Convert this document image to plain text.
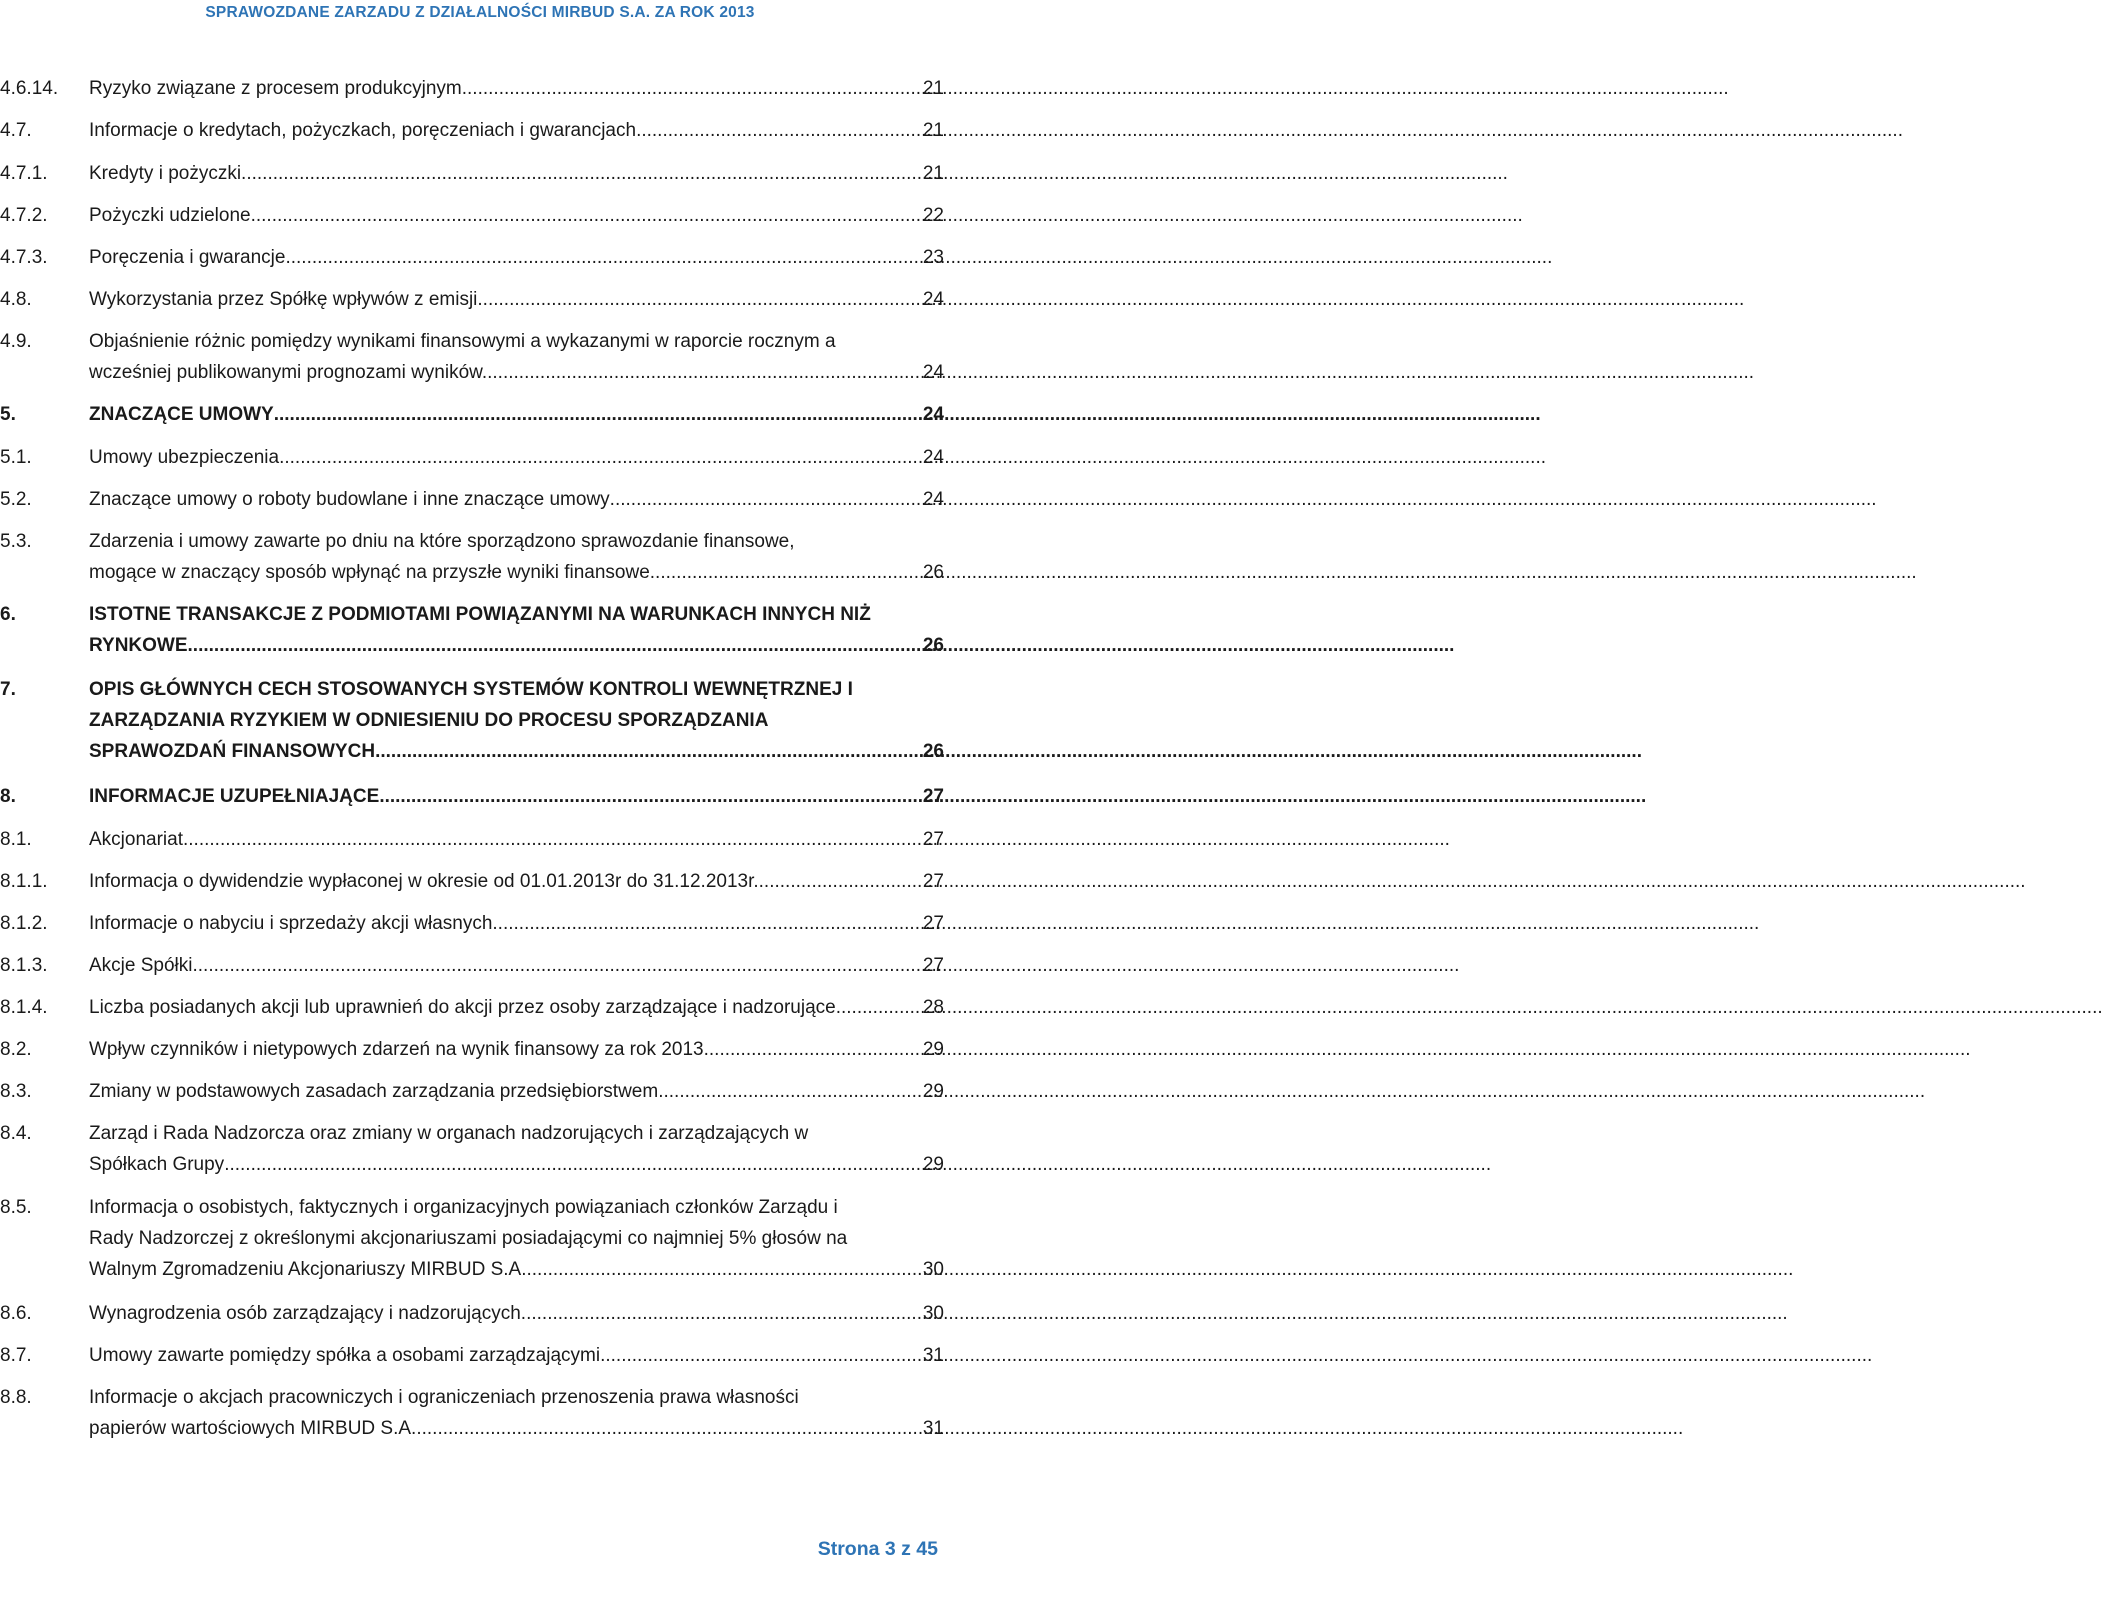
SPRAWOZDANE ZARZADU Z DZIAŁALNOŚCI MIRBUD S.A. ZA ROK 2013
4.6.14. Ryzyko związane z procesem produkcyjnym .....	21
4.7.	Informacje o kredytach, pożyczkach, poręczeniach i gwarancjach .....	21
4.7.1. Kredyty i pożyczki .....	21
4.7.2. Pożyczki udzielone. .....	22
4.7.3. Poręczenia i gwarancje .....	23
4.8.	Wykorzystania przez Spółkę wpływów z emisji .....	24
4.9.	Objaśnienie różnic pomiędzy wynikami finansowymi a wykazanymi w raporcie rocznym a
wcześniej publikowanymi prognozami wyników. .....	24
5.	ZNACZĄCE UMOWY .....	24
5.1.	Umowy ubezpieczenia .....	24
5.2.	Znaczące umowy o roboty budowlane i inne znaczące umowy .....	24
5.3.	Zdarzenia i umowy zawarte po dniu na które sporządzono sprawozdanie finansowe,
mogące w znaczący sposób wpłynąć na przyszłe wyniki finansowe .....	26
6.	ISTOTNE TRANSAKCJE Z PODMIOTAMI POWIĄZANYMI NA WARUNKACH INNYCH NIŻ
RYNKOWE .....	26
7.	OPIS GŁÓWNYCH CECH STOSOWANYCH SYSTEMÓW KONTROLI WEWNĘTRZNEJ I
ZARZĄDZANIA RYZYKIEM W ODNIESIENIU DO PROCESU SPORZĄDZANIA
SPRAWOZDAŃ FINANSOWYCH .....	26
8.	INFORMACJE UZUPEŁNIAJĄCE .....	27
8.1.	Akcjonariat .....	27
8.1.1. Informacja o dywidendzie wypłaconej w okresie od 01.01.2013r do 31.12.2013r. .....	27
8.1.2. Informacje o nabyciu i sprzedaży akcji własnych .....	27
8.1.3. Akcje Spółki .....	27
8.1.4. Liczba posiadanych akcji lub uprawnień do akcji przez osoby zarządzające i nadzorujące .....	28
8.2.	Wpływ czynników i nietypowych zdarzeń na wynik finansowy za rok 2013 .....	29
8.3.	Zmiany w podstawowych zasadach zarządzania przedsiębiorstwem .....	29
8.4.	Zarząd i Rada Nadzorcza oraz zmiany w organach nadzorujących i zarządzających w
Spółkach Grupy .....	29
8.5.	Informacja o osobistych, faktycznych i organizacyjnych powiązaniach członków Zarządu i
Rady Nadzorczej z określonymi akcjonariuszami posiadającymi co najmniej 5% głosów na
Walnym Zgromadzeniu Akcjonariuszy MIRBUD S.A. .....	30
8.6.	Wynagrodzenia osób zarządzający i nadzorujących .....	30
8.7.	Umowy zawarte pomiędzy spółka a osobami zarządzającymi. .....	31
8.8.	Informacje o akcjach pracowniczych i ograniczeniach przenoszenia prawa własności
papierów wartościowych MIRBUD S.A. .....	31
Strona 3 z 45
